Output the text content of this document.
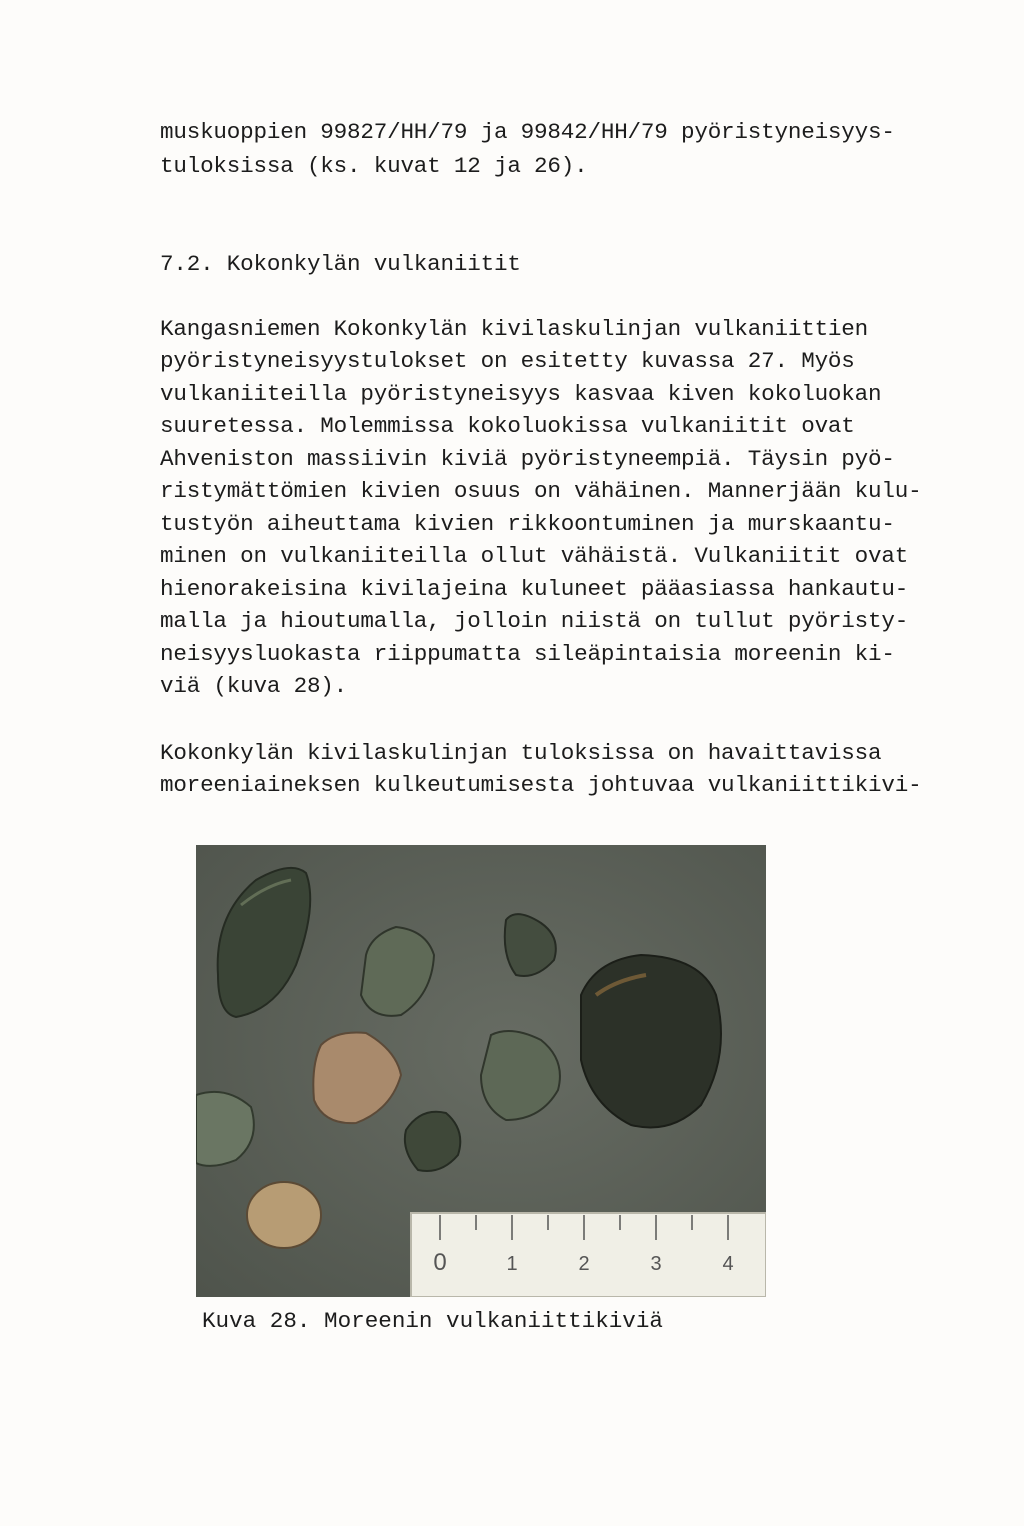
muskuoppien 99827/HH/79 ja 99842/HH/79 pyöristyneisyys-
tuloksissa (ks. kuvat 12 ja 26).
7.2. Kokonkylän vulkaniitit
Kangasniemen Kokonkylän kivilaskulinjan vulkaniittien
pyöristyneisyystulokset on esitetty kuvassa 27. Myös
vulkaniiteilla pyöristyneisyys kasvaa kiven kokoluokan
suuretessa. Molemmissa kokoluokissa vulkaniitit ovat
Ahveniston massiivin kiviä pyöristyneempiä. Täysin pyö-
ristymättömien kivien osuus on vähäinen. Mannerjään kulu-
tustyön aiheuttama kivien rikkoontuminen ja murskaantu-
minen on vulkaniiteilla ollut vähäistä. Vulkaniitit ovat
hienorakeisina kivilajeina kuluneet pääasiassa hankautu-
malla ja hioutumalla, jolloin niistä on tullut pyöristy-
neisyysluokasta riippumatta sileäpintaisia moreenin ki-
viä (kuva 28).
Kokonkylän kivilaskulinjan tuloksissa on havaittavissa
moreeniaineksen kulkeutumisesta johtuvaa vulkaniittikivi-
0	1	2	3	4
Kuva 28. Moreenin vulkaniittikiviä
